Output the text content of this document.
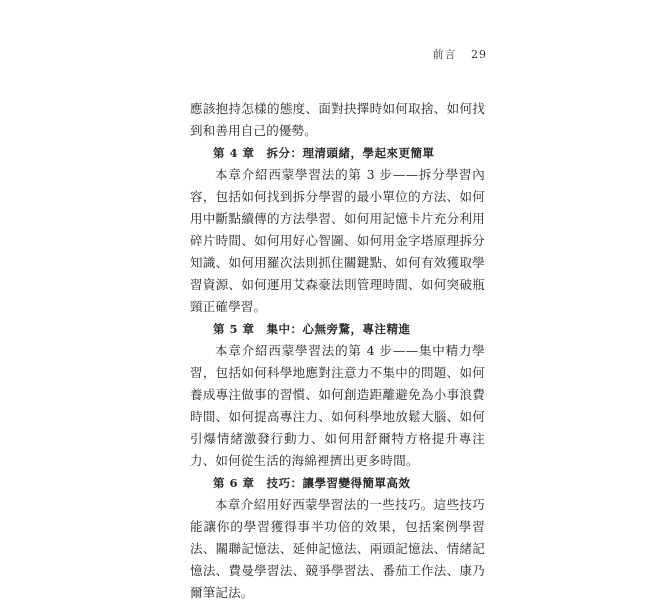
前言 29

應該抱持怎樣的態度、面對抉擇時如何取捨、如何找到和善用自己的優勢。

第 4 章 拆分：理清頭緒，學起來更簡單

本章介紹西蒙學習法的第 3 步——拆分學習內容，包括如何找到拆分學習的最小單位的方法、如何用中斷點續傳的方法學習、如何用記憶卡片充分利用碎片時間、如何用好心智圖、如何用金字塔原理拆分知識、如何用羅次法則抓住關鍵點、如何有效獲取學習資源、如何運用艾森豪法則管理時間、如何突破瓶頸正確學習。

第 5 章 集中：心無旁騖，專注精進

本章介紹西蒙學習法的第 4 步——集中精力學習，包括如何科學地應對注意力不集中的問題、如何養成專注做事的習慣、如何創造距離避免為小事浪費時間、如何提高專注力、如何科學地放鬆大腦、如何引爆情緒激發行動力、如何用舒爾特方格提升專注力、如何從生活的海綿裡擠出更多時間。

第 6 章 技巧：讓學習變得簡單高效

本章介紹用好西蒙學習法的一些技巧。這些技巧能讓你的學習獲得事半功倍的效果，包括案例學習法、關聯記憶法、延伸記憶法、兩頭記憶法、情緒記憶法、費曼學習法、競爭學習法、番茄工作法、康乃爾筆記法。
